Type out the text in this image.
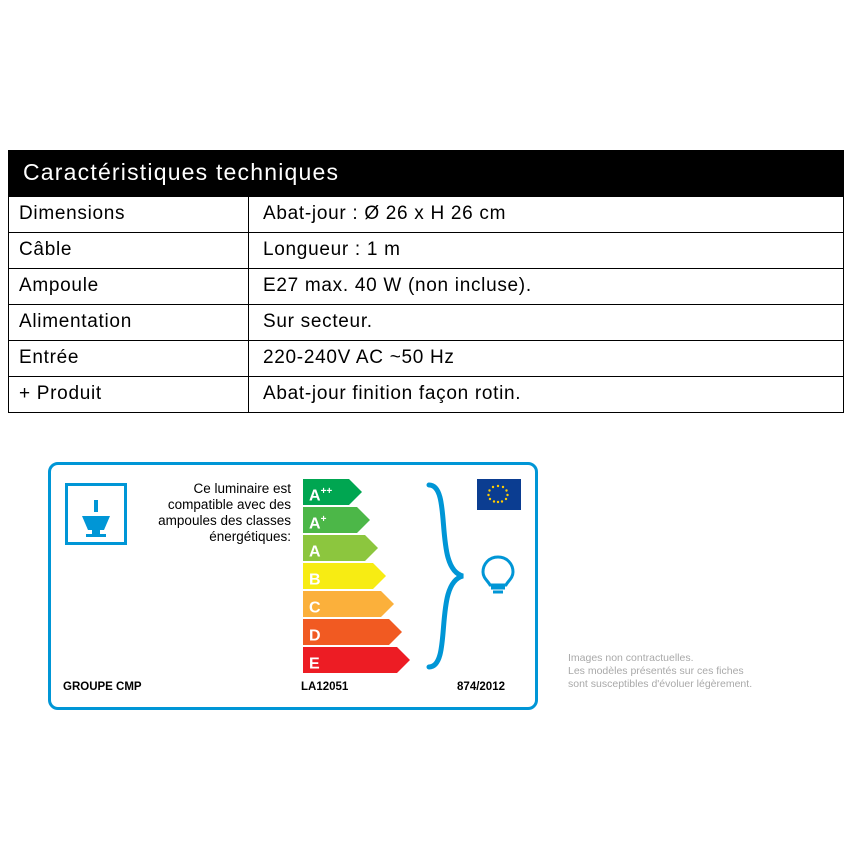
Caractéristiques techniques
Dimensions	Abat-jour : Ø 26 x H 26 cm
Câble	Longueur : 1 m
Ampoule	E27 max. 40 W (non incluse).
Alimentation	Sur secteur.
Entrée	220-240V AC ~50 Hz
+ Produit	Abat-jour finition façon rotin.
Ce luminaire est compatible avec des ampoules des classes énergétiques:
A++
A+
A
B
C
D
E
GROUPE CMP	LA12051	874/2012
Images non contractuelles.
Les modèles présentés sur ces fiches
sont susceptibles d'évoluer légèrement.
